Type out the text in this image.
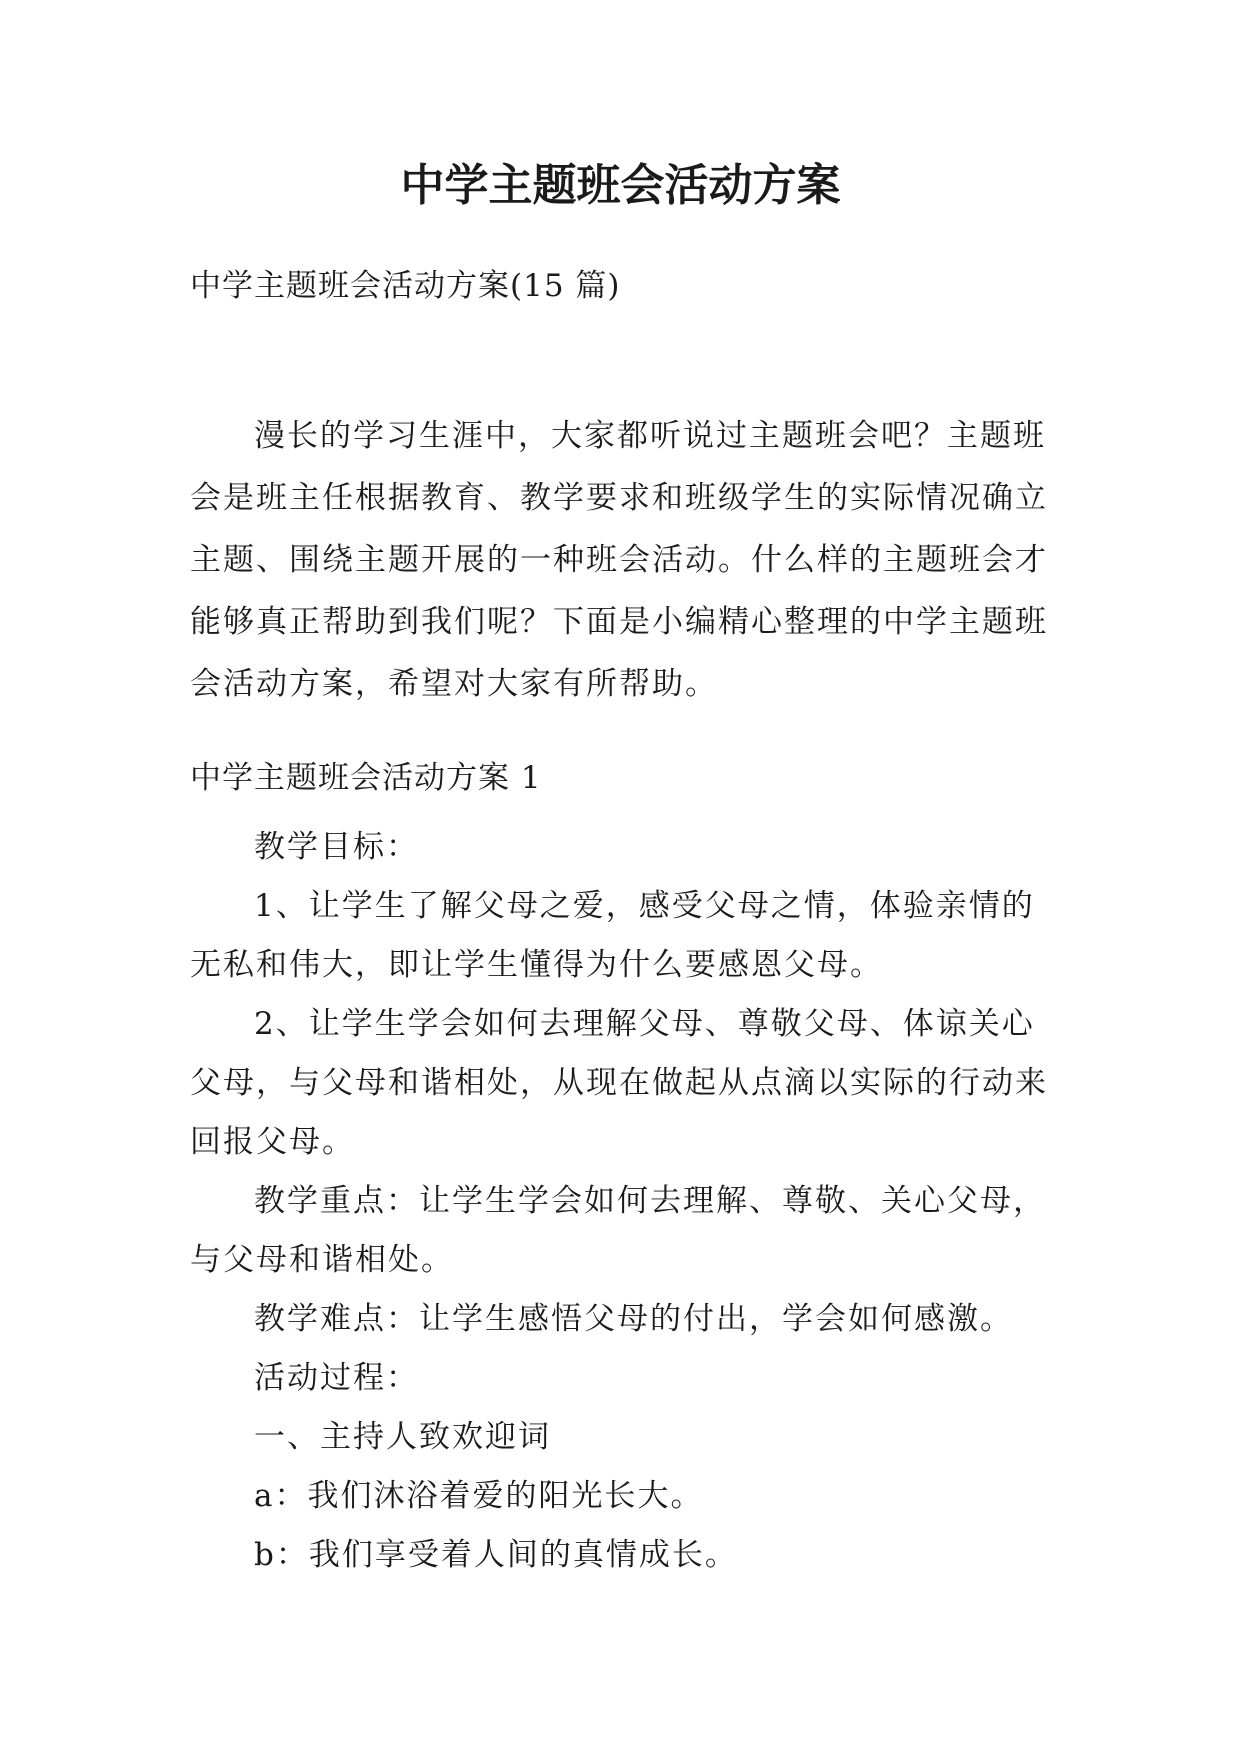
中学主题班会活动方案
中学主题班会活动方案(15 篇)

漫长的学习生涯中，大家都听说过主题班会吧？主题班会是班主任根据教育、教学要求和班级学生的实际情况确立主题、围绕主题开展的一种班会活动。什么样的主题班会才能够真正帮助到我们呢？下面是小编精心整理的中学主题班会活动方案，希望对大家有所帮助。

中学主题班会活动方案 1

教学目标：

1、让学生了解父母之爱，感受父母之情，体验亲情的无私和伟大，即让学生懂得为什么要感恩父母。

2、让学生学会如何去理解父母、尊敬父母、体谅关心父母，与父母和谐相处，从现在做起从点滴以实际的行动来回报父母。

教学重点：让学生学会如何去理解、尊敬、关心父母，与父母和谐相处。

教学难点：让学生感悟父母的付出，学会如何感激。

活动过程：

一、主持人致欢迎词

a：我们沐浴着爱的阳光长大。

b：我们享受着人间的真情成长。
